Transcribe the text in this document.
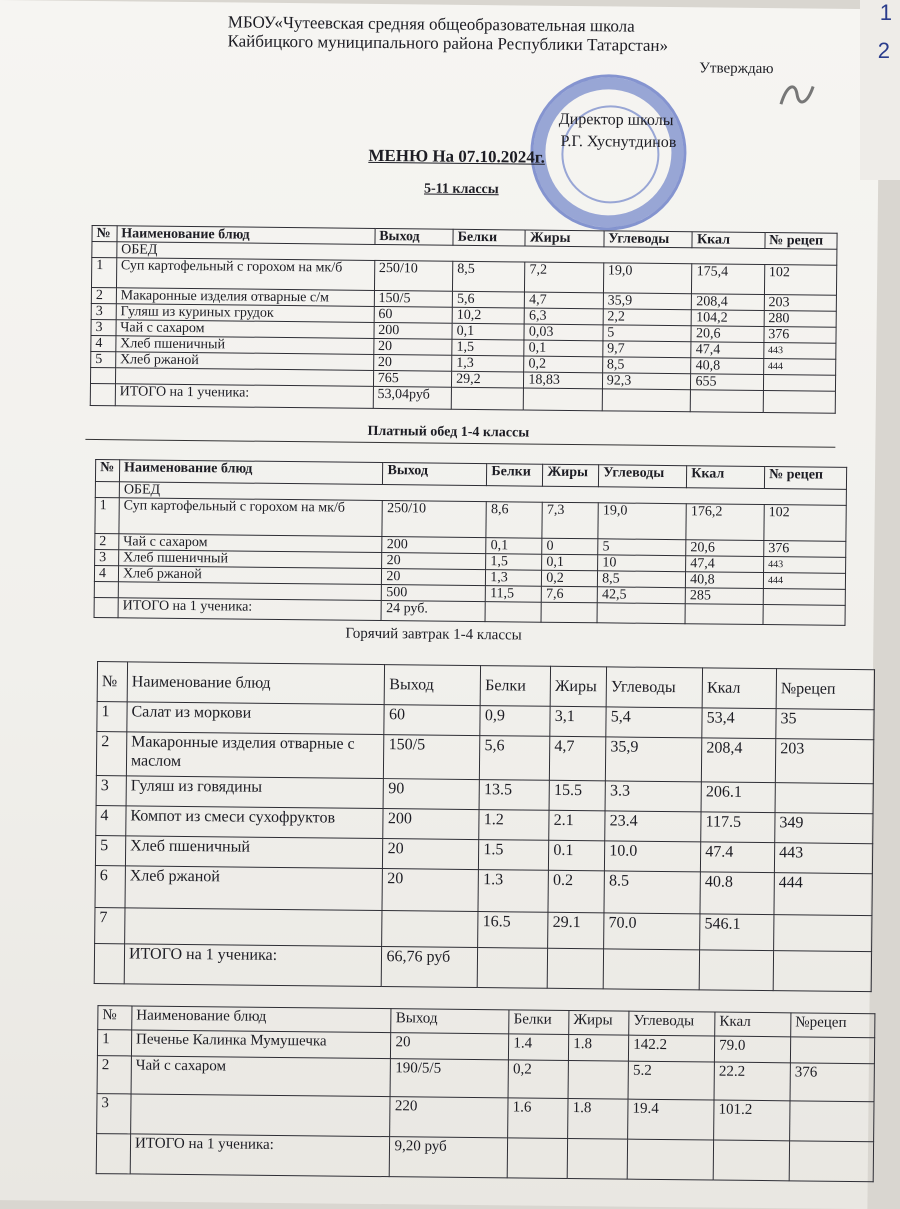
МБОУ«Чутеевская средняя общеобразовательная школа
Кайбицкого муниципального района Республики Татарстан»
Утверждаю
Директор школы
Р.Г. Хуснутдинов
МЕНЮ На 07.10.2024г.
5-11 классы
№	Наименование блюд	Выход	Белки	Жиры	Углеводы	Ккал	№ рецеп
	ОБЕД						
1	Суп картофельный с горохом на мк/б	250/10	8,5	7,2	19,0	175,4	102
2	Макаронные изделия отварные с/м	150/5	5,6	4,7	35,9	208,4	203
3	Гуляш из куриных грудок	60	10,2	6,3	2,2	104,2	280
3	Чай с сахаром	200	0,1	0,03	5	20,6	376
4	Хлеб пшеничный	20	1,5	0,1	9,7	47,4	443
5	Хлеб ржаной	20	1,3	0,2	8,5	40,8	444
		765	29,2	18,83	92,3	655	
	ИТОГО на 1 ученика:	53,04руб					
Платный обед 1-4 классы
№	Наименование блюд	Выход	Белки	Жиры	Углеводы	Ккал	№ рецеп
	ОБЕД						
1	Суп картофельный с горохом на мк/б	250/10	8,6	7,3	19,0	176,2	102
2	Чай с сахаром	200	0,1	0	5	20,6	376
3	Хлеб пшеничный	20	1,5	0,1	10	47,4	443
4	Хлеб ржаной	20	1,3	0,2	8,5	40,8	444
		500	11,5	7,6	42,5	285	
	ИТОГО на 1 ученика:	24 руб.					
Горячий завтрак 1-4 классы
№	Наименование блюд	Выход	Белки	Жиры	Углеводы	Ккал	№рецеп
1	Салат из моркови	60	0,9	3,1	5,4	53,4	35
2	Макаронные изделия отварные с маслом	150/5	5,6	4,7	35,9	208,4	203
3	Гуляш из говядины	90	13.5	15.5	3.3	206.1	
4	Компот из смеси сухофруктов	200	1.2	2.1	23.4	117.5	349
5	Хлеб пшеничный	20	1.5	0.1	10.0	47.4	443
6	Хлеб ржаной	20	1.3	0.2	8.5	40.8	444
7			16.5	29.1	70.0	546.1	
	ИТОГО на 1 ученика:	66,76 руб					
№	Наименование блюд	Выход	Белки	Жиры	Углеводы	Ккал	№рецеп
1	Печенье Калинка Мумушечка	20	1.4	1.8	142.2	79.0	
2	Чай с сахаром	190/5/5	0,2		5.2	22.2	376
3		220	1.6	1.8	19.4	101.2	
	ИТОГО на 1 ученика:	9,20 руб					
1
2
